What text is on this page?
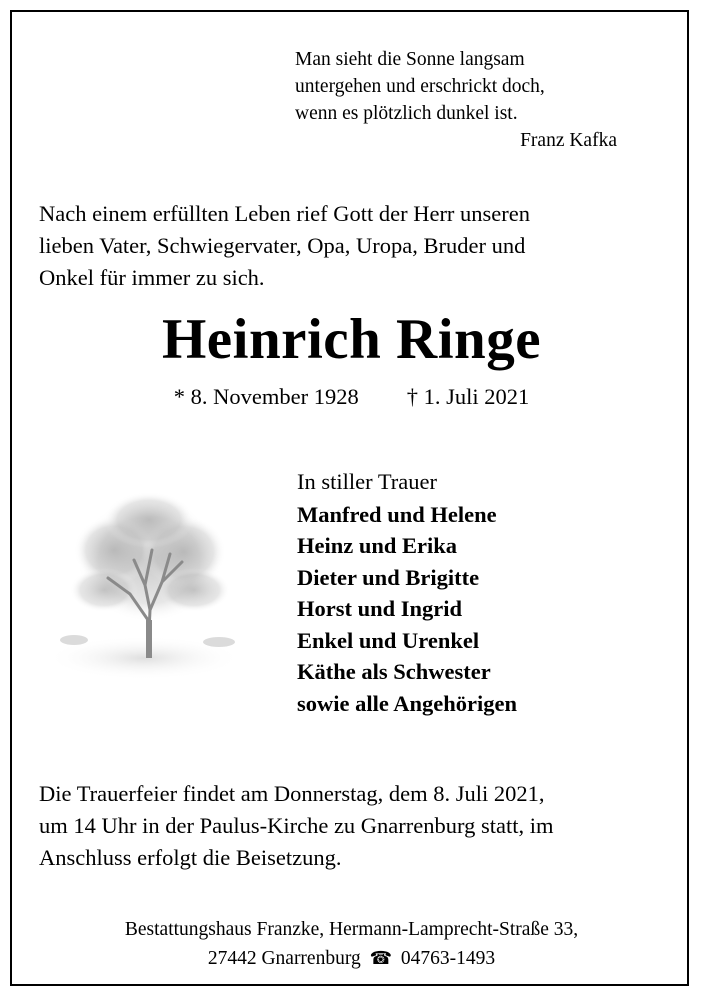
Man sieht die Sonne langsam
untergehen und erschrickt doch,
wenn es plötzlich dunkel ist.
Franz Kafka
Nach einem erfüllten Leben rief Gott der Herr unseren
lieben Vater, Schwiegervater, Opa, Uropa, Bruder und
Onkel für immer zu sich.
Heinrich Ringe
* 8. November 1928 † 1. Juli 2021
In stiller Trauer
Manfred und Helene
Heinz und Erika
Dieter und Brigitte
Horst und Ingrid
Enkel und Urenkel
Käthe als Schwester
sowie alle Angehörigen
Die Trauerfeier findet am Donnerstag, dem 8. Juli 2021,
um 14 Uhr in der Paulus-Kirche zu Gnarrenburg statt, im
Anschluss erfolgt die Beisetzung.
Bestattungshaus Franzke, Hermann-Lamprecht-Straße 33,
27442 Gnarrenburg ☎ 04763-1493
